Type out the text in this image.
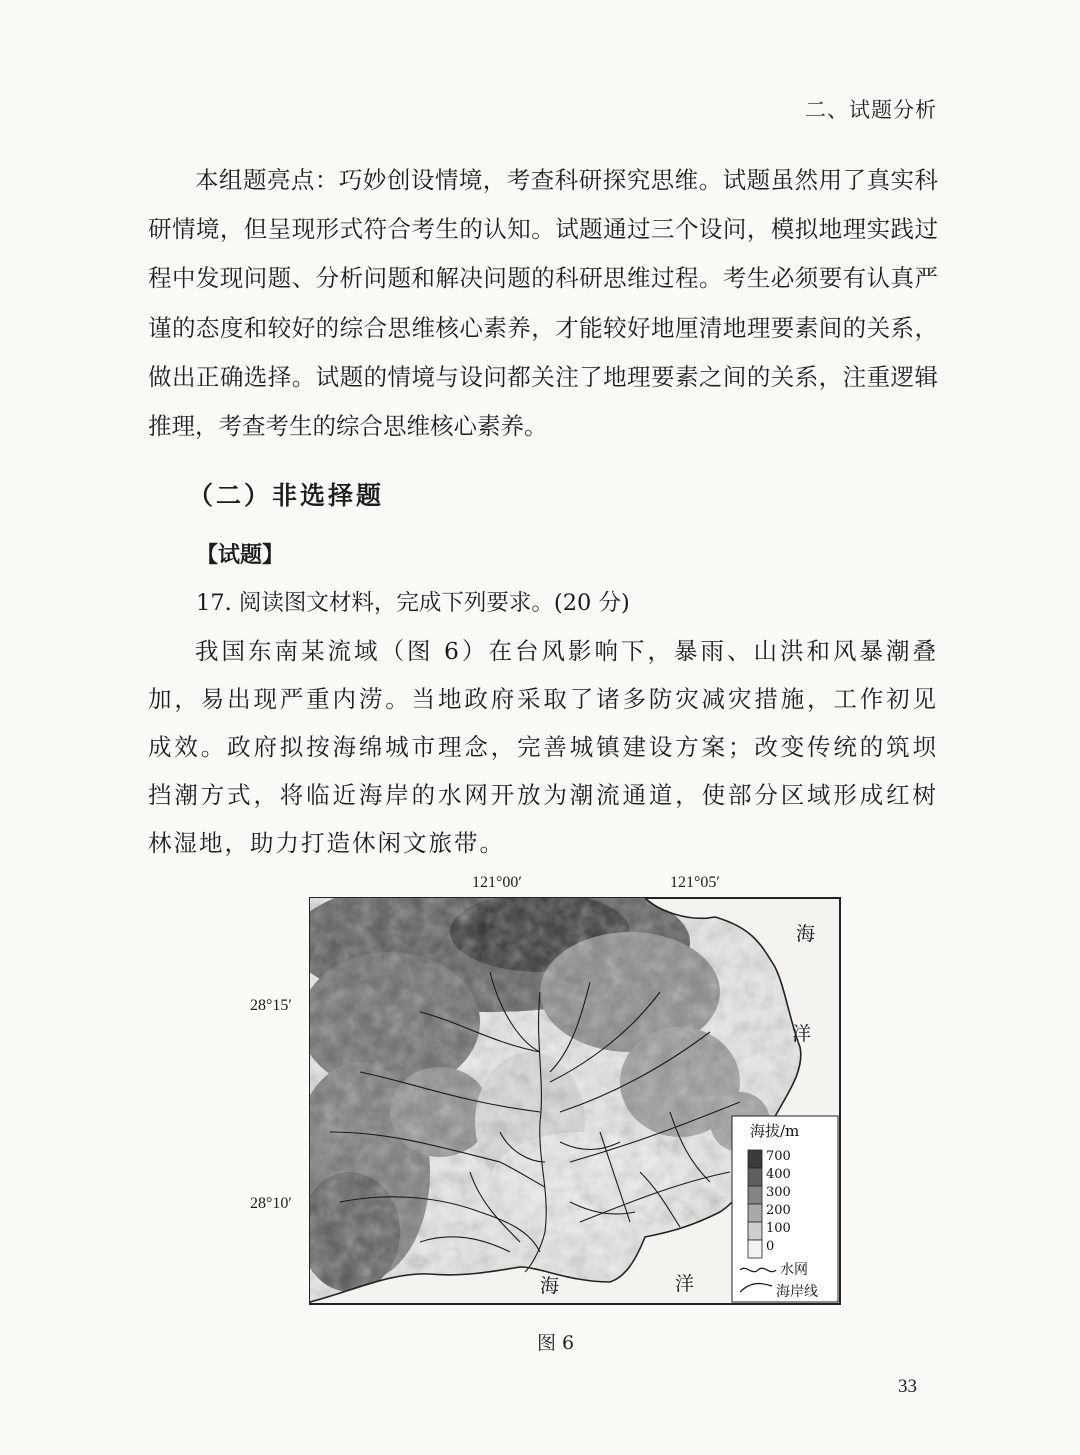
二、试题分析

本组题亮点：巧妙创设情境，考查科研探究思维。试题虽然用了真实科研情境，但呈现形式符合考生的认知。试题通过三个设问，模拟地理实践过程中发现问题、分析问题和解决问题的科研思维过程。考生必须要有认真严谨的态度和较好的综合思维核心素养，才能较好地厘清地理要素间的关系，做出正确选择。试题的情境与设问都关注了地理要素之间的关系，注重逻辑推理，考查考生的综合思维核心素养。

（二）非选择题
【试题】
17. 阅读图文材料，完成下列要求。(20 分)

我国东南某流域（图 6）在台风影响下，暴雨、山洪和风暴潮叠加，易出现严重内涝。当地政府采取了诸多防灾减灾措施，工作初见成效。政府拟按海绵城市理念，完善城镇建设方案；改变传统的筑坝挡潮方式，将临近海岸的水网开放为潮流通道，使部分区域形成红树林湿地，助力打造休闲文旅带。

121°00′	121°05′
28°15′
28°10′
海
洋
海	洋
海拔/m
700
400
300
200
100
0
水网
海岸线
图 6
33
